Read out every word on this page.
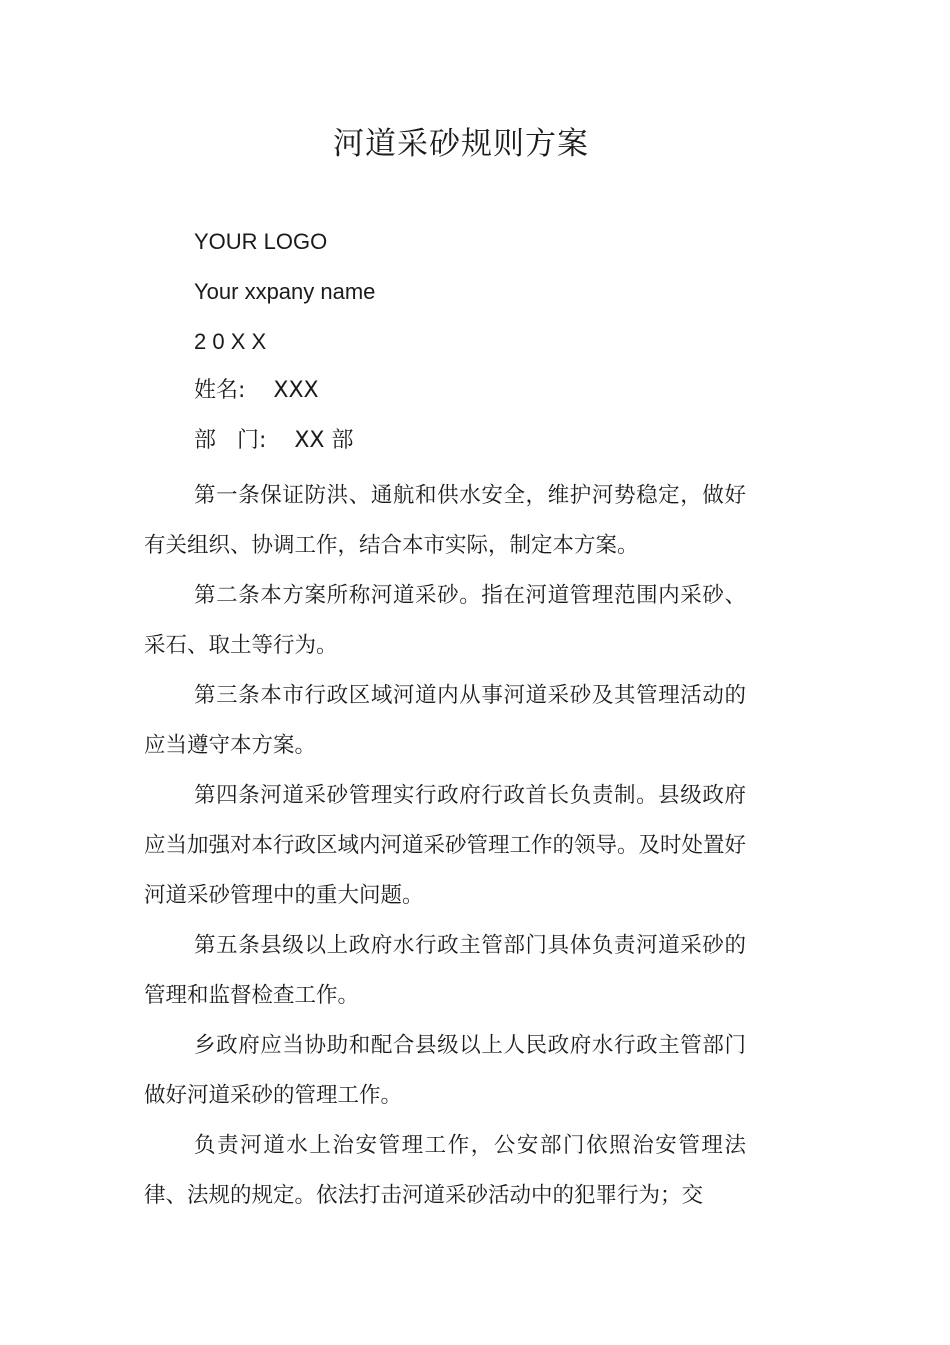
河道采砂规则方案
YOUR LOGO
Your xxpany name
2 0 X X
姓名:    XXX
部   门:    XX 部

第一条保证防洪、通航和供水安全，维护河势稳定，做好有关组织、协调工作，结合本市实际，制定本方案。

第二条本方案所称河道采砂。指在河道管理范围内采砂、采石、取土等行为。

第三条本市行政区域河道内从事河道采砂及其管理活动的应当遵守本方案。

第四条河道采砂管理实行政府行政首长负责制。县级政府应当加强对本行政区域内河道采砂管理工作的领导。及时处置好河道采砂管理中的重大问题。

第五条县级以上政府水行政主管部门具体负责河道采砂的管理和监督检查工作。

乡政府应当协助和配合县级以上人民政府水行政主管部门做好河道采砂的管理工作。

负责河道水上治安管理工作，公安部门依照治安管理法律、法规的规定。依法打击河道采砂活动中的犯罪行为；交
